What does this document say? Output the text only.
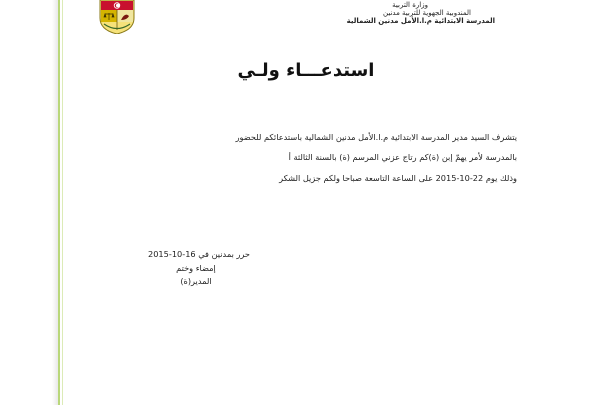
وزارة التربية
المندوبية الجهوية للتربية مدنين
المدرسة الابتدائية م.ا.الأمل مدنين الشمالية
استدعـــاء ولـي
يتشرف السيد مدير المدرسة الابتدائية م.ا.الأمل مدنين الشمالية باستدعائكم للحضور
بالمدرسة لأمر يهمّ إبن (ة)كم رتاج عزني المرسم (ة) بالسنة الثالثة أ
وذلك يوم 22-10-2015 على الساعة التاسعة صباحا ولكم جزيل الشكر
حرر بمدنين في 16-10-2015
إمضاء وختم
المدير(ة)
